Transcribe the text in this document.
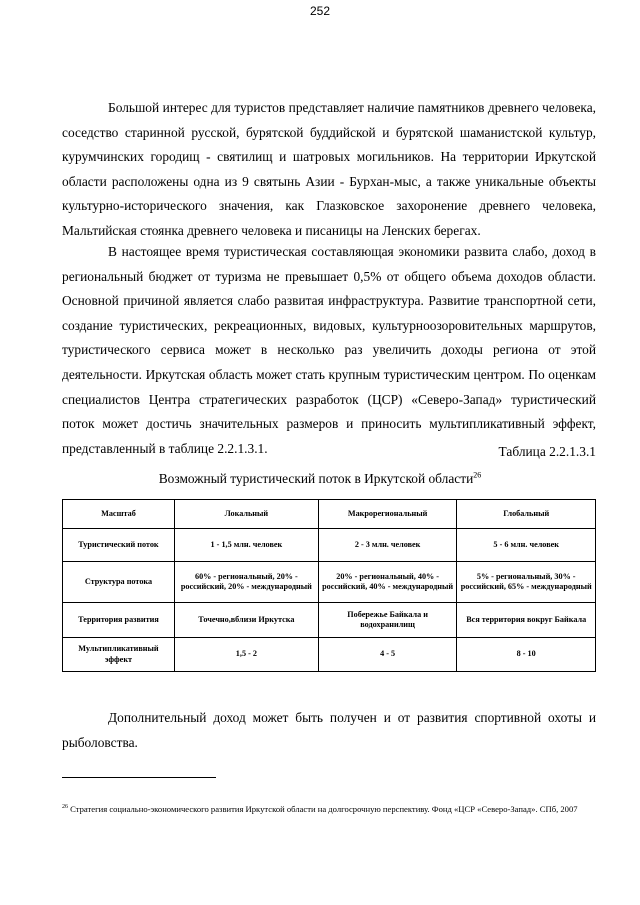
252

Большой интерес для туристов представляет наличие памятников древнего человека, соседство старинной русской, бурятской буддийской и бурятской шаманистской культур, курумчинских городищ - святилищ и шатровых могильников. На территории Иркутской области расположены одна из 9 святынь Азии - Бурхан-мыс, а также уникальные объекты культурно-исторического значения, как Глазковское захоронение древнего человека, Мальтийская стоянка древнего человека и писаницы на Ленских берегах.

В настоящее время туристическая составляющая экономики развита слабо, доход в региональный бюджет от туризма не превышает 0,5% от общего объема доходов области. Основной причиной является слабо развитая инфраструктура. Развитие транспортной сети, создание туристических, рекреационных, видовых, культурноозоровительных маршрутов, туристического сервиса может в несколько раз увеличить доходы региона от этой деятельности. Иркутская область может стать крупным туристическим центром. По оценкам специалистов Центра стратегических разработок (ЦСР) «Северо-Запад» туристический поток может достичь значительных размеров и приносить мультипликативный эффект, представленный в таблице 2.2.1.3.1.	Таблица 2.2.1.3.1
Возможный туристический поток в Иркутской области$^{26}$
Масштаб	Локальный	Макрорегиональный	Глобальный
Туристический поток	1 - 1,5 млн. человек	2 - 3 млн. человек	5 - 6 млн. человек
Структура потока	60% - региональный, 20% - российский, 20% - международный	20% - региональный, 40% - российский, 40% - международный	5% - региональный, 30% - российский, 65% - международный
Территория развития	Точечно,вблизи Иркутска	Побережье Байкала и водохранилищ	Вся территория вокруг Байкала
Мультипликативный эффект	1,5 - 2	4 - 5	8 - 10

Дополнительный доход может быть получен и от развития спортивной охоты и рыболовства.

$^{26}$ Стратегия социально-экономического развития Иркутской области на долгосрочную перспективу. Фонд «ЦСР «Северо-Запад». СПб, 2007
